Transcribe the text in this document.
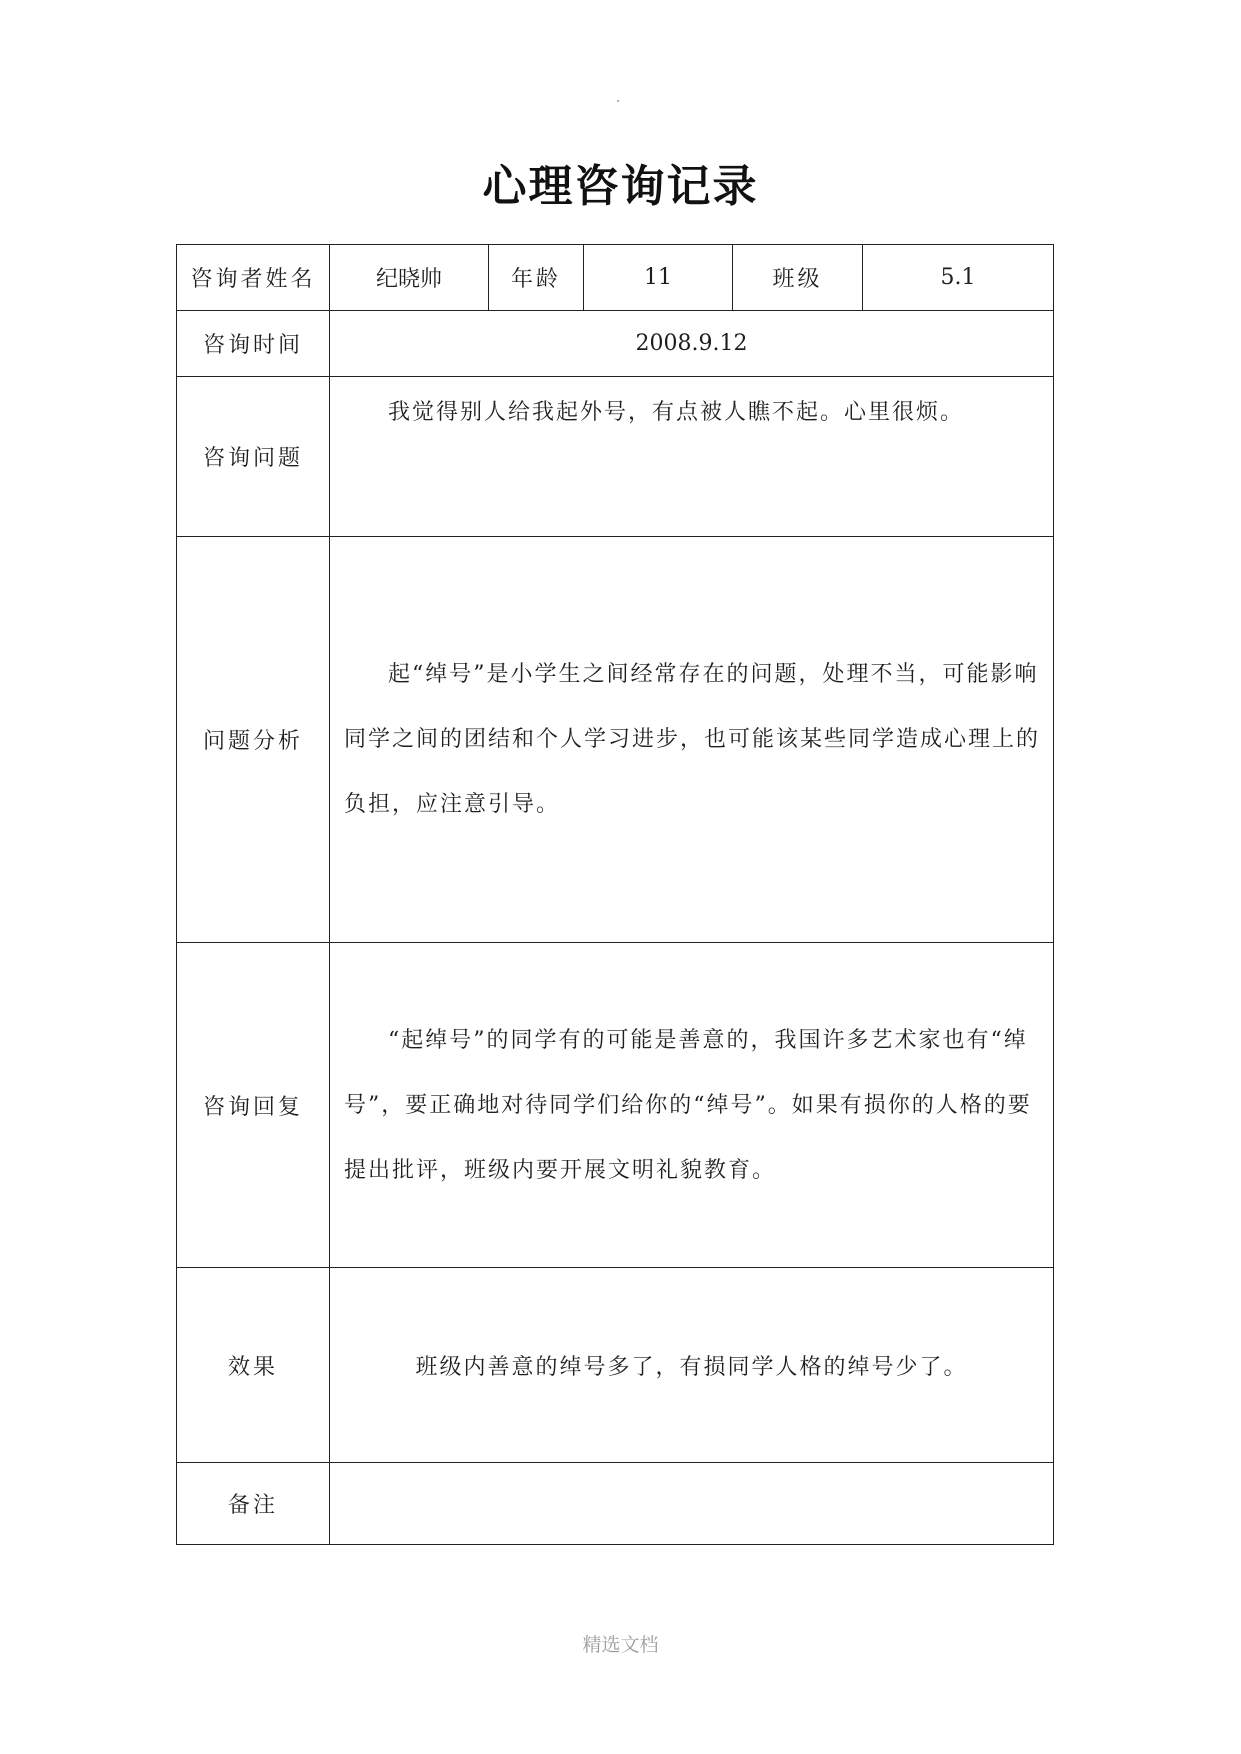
心理咨询记录
咨询者姓名	纪晓帅	年龄	11	班级	5.1
咨询时间	2008.9.12				
咨询问题	我觉得别人给我起外号，有点被人瞧不起。心里很烦。				
问题分析	起“绰号”是小学生之间经常存在的问题，处理不当，可能影响同学之间的团结和个人学习进步，也可能该某些同学造成心理上的负担，应注意引导。				
咨询回复	“起绰号”的同学有的可能是善意的，我国许多艺术家也有“绰号”，要正确地对待同学们给你的“绰号”。如果有损你的人格的要提出批评，班级内要开展文明礼貌教育。				
效果	班级内善意的绰号多了，有损同学人格的绰号少了。				
备注					
精选文档
